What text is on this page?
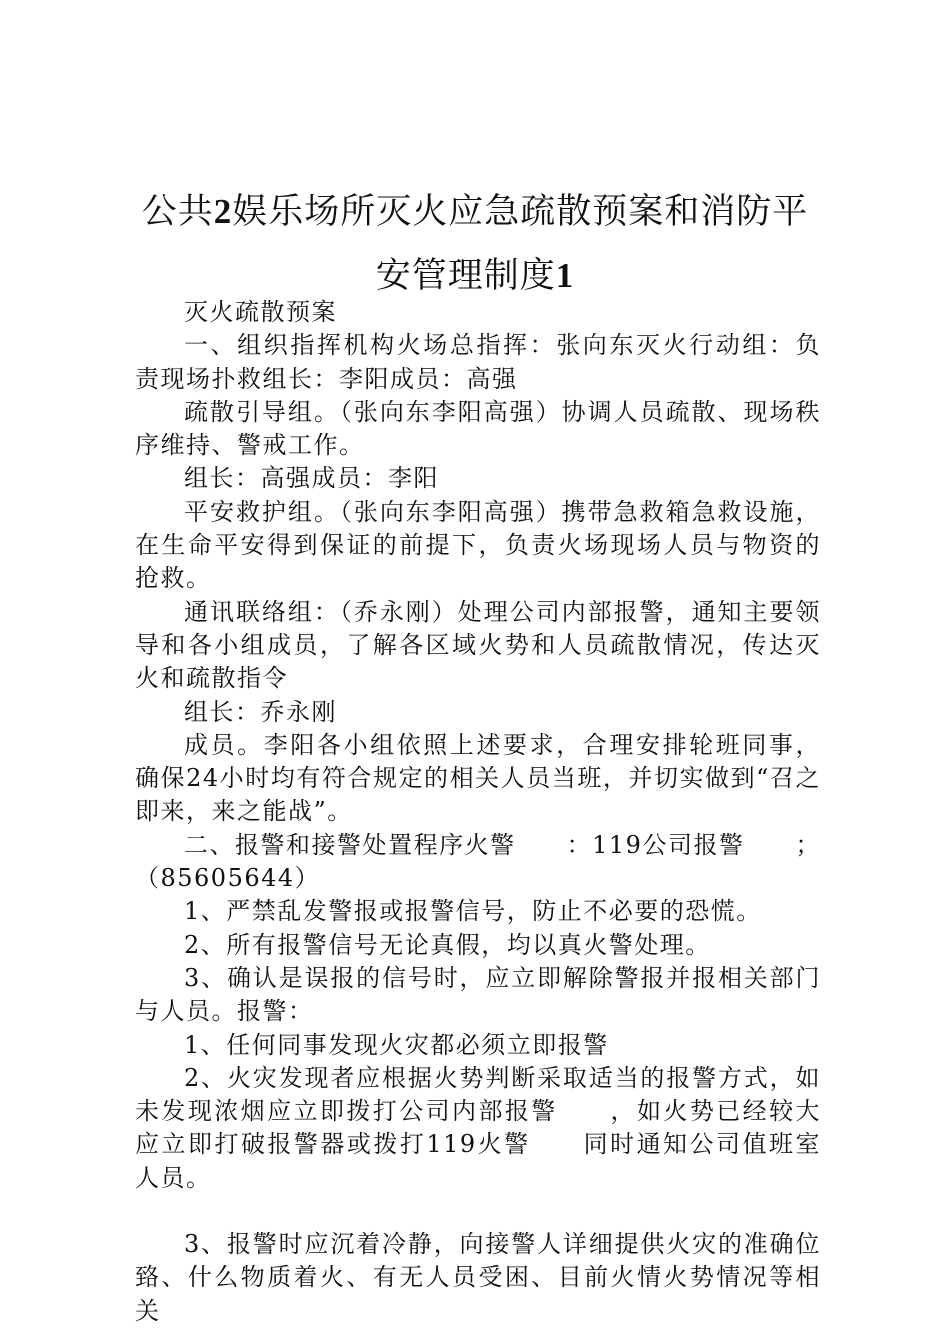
公共2娱乐场所灭火应急疏散预案和消防平
安管理制度1

灭火疏散预案

一、组织指挥机构火场总指挥：张向东灭火行动组：负责现场扑救组长：李阳成员：高强

疏散引导组。（张向东李阳高强）协调人员疏散、现场秩序维持、警戒工作。

组长：高强成员：李阳

平安救护组。（张向东李阳高强）携带急救箱急救设施，在生命平安得到保证的前提下，负责火场现场人员与物资的抢救。

通讯联络组：（乔永刚）处理公司内部报警，通知主要领导和各小组成员，了解各区域火势和人员疏散情况，传达灭火和疏散指令

组长：乔永刚

成员。李阳各小组依照上述要求，合理安排轮班同事，确保24小时均有符合规定的相关人员当班，并切实做到“召之即来，来之能战”。

二、报警和接警处置程序火警　　：119公司报警　　；（85605644）

1、严禁乱发警报或报警信号，防止不必要的恐慌。

2、所有报警信号无论真假，均以真火警处理。

3、确认是误报的信号时，应立即解除警报并报相关部门与人员。报警：

1、任何同事发现火灾都必须立即报警

2、火灾发现者应根据火势判断采取适当的报警方式，如未发现浓烟应立即拨打公司内部报警　　，如火势已经较大应立即打破报警器或拨打119火警　　同时通知公司值班室人员。

3、报警时应沉着冷静，向接警人详细提供火灾的准确位臵、什么物质着火、有无人员受困、目前火情火势情况等相关
